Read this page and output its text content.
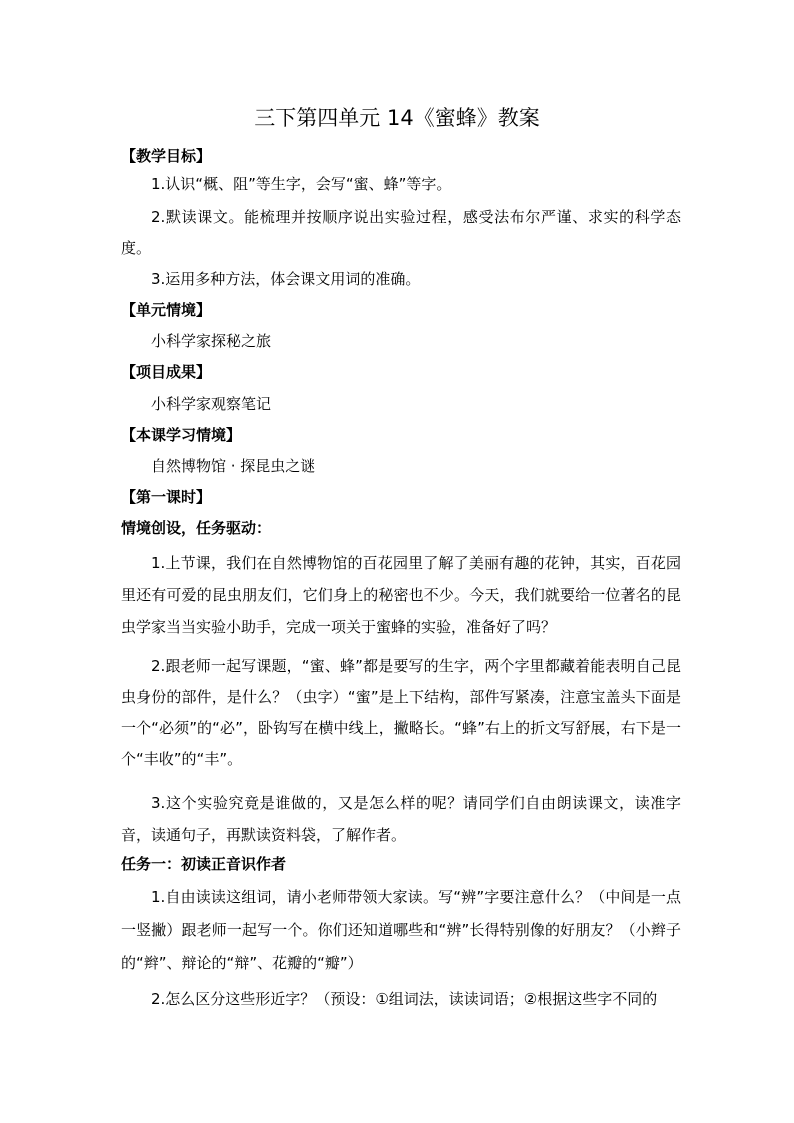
三下第四单元 14《蜜蜂》教案
【教学目标】
1.认识“概、阻”等生字，会写“蜜、蜂”等字。

2.默读课文。能梳理并按顺序说出实验过程，感受法布尔严谨、求实的科学态度。

3.运用多种方法，体会课文用词的准确。
【单元情境】
小科学家探秘之旅
【项目成果】
小科学家观察笔记
【本课学习情境】
自然博物馆 · 探昆虫之谜
【第一课时】
情境创设，任务驱动：

1.上节课，我们在自然博物馆的百花园里了解了美丽有趣的花钟，其实，百花园里还有可爱的昆虫朋友们，它们身上的秘密也不少。今天，我们就要给一位著名的昆虫学家当当实验小助手，完成一项关于蜜蜂的实验，准备好了吗？

2.跟老师一起写课题，“蜜、蜂”都是要写的生字，两个字里都藏着能表明自己昆虫身份的部件，是什么？（虫字）“蜜”是上下结构，部件写紧凑，注意宝盖头下面是一个“必须”的“必”，卧钩写在横中线上，撇略长。“蜂”右上的折文写舒展，右下是一个“丰收”的“丰”。

3.这个实验究竟是谁做的，又是怎么样的呢？请同学们自由朗读课文，读准字音，读通句子，再默读资料袋，了解作者。

任务一：初读正音识作者

1.自由读读这组词，请小老师带领大家读。写“辨”字要注意什么？（中间是一点一竖撇）跟老师一起写一个。你们还知道哪些和“辨”长得特别像的好朋友？（小辫子的“辫”、辩论的“辩”、花瓣的“瓣”）

2.怎么区分这些形近字？（预设：①组词法，读读词语；②根据这些字不同的
